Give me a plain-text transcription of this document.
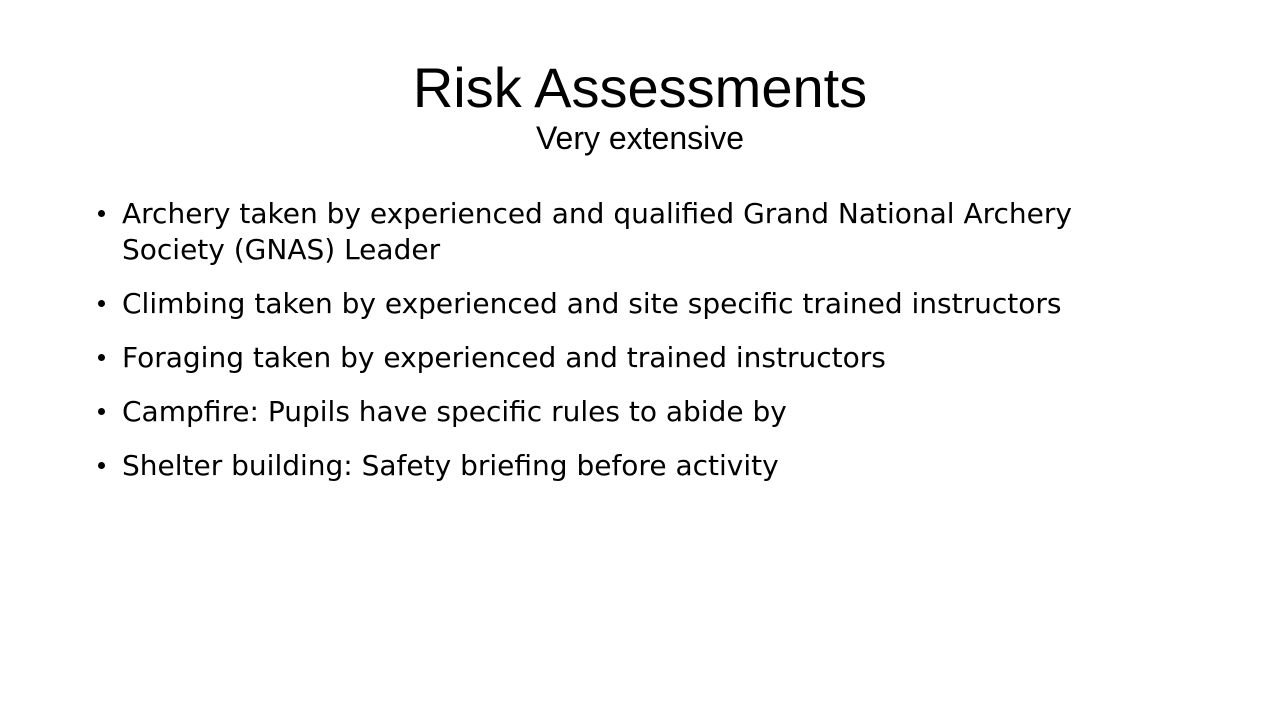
Risk Assessments

Very extensive

Archery taken by experienced and qualified Grand National Archery Society (GNAS) Leader
Climbing taken by experienced and site specific trained instructors
Foraging taken by experienced and trained instructors
Campfire: Pupils have specific rules to abide by
Shelter building: Safety briefing before activity
